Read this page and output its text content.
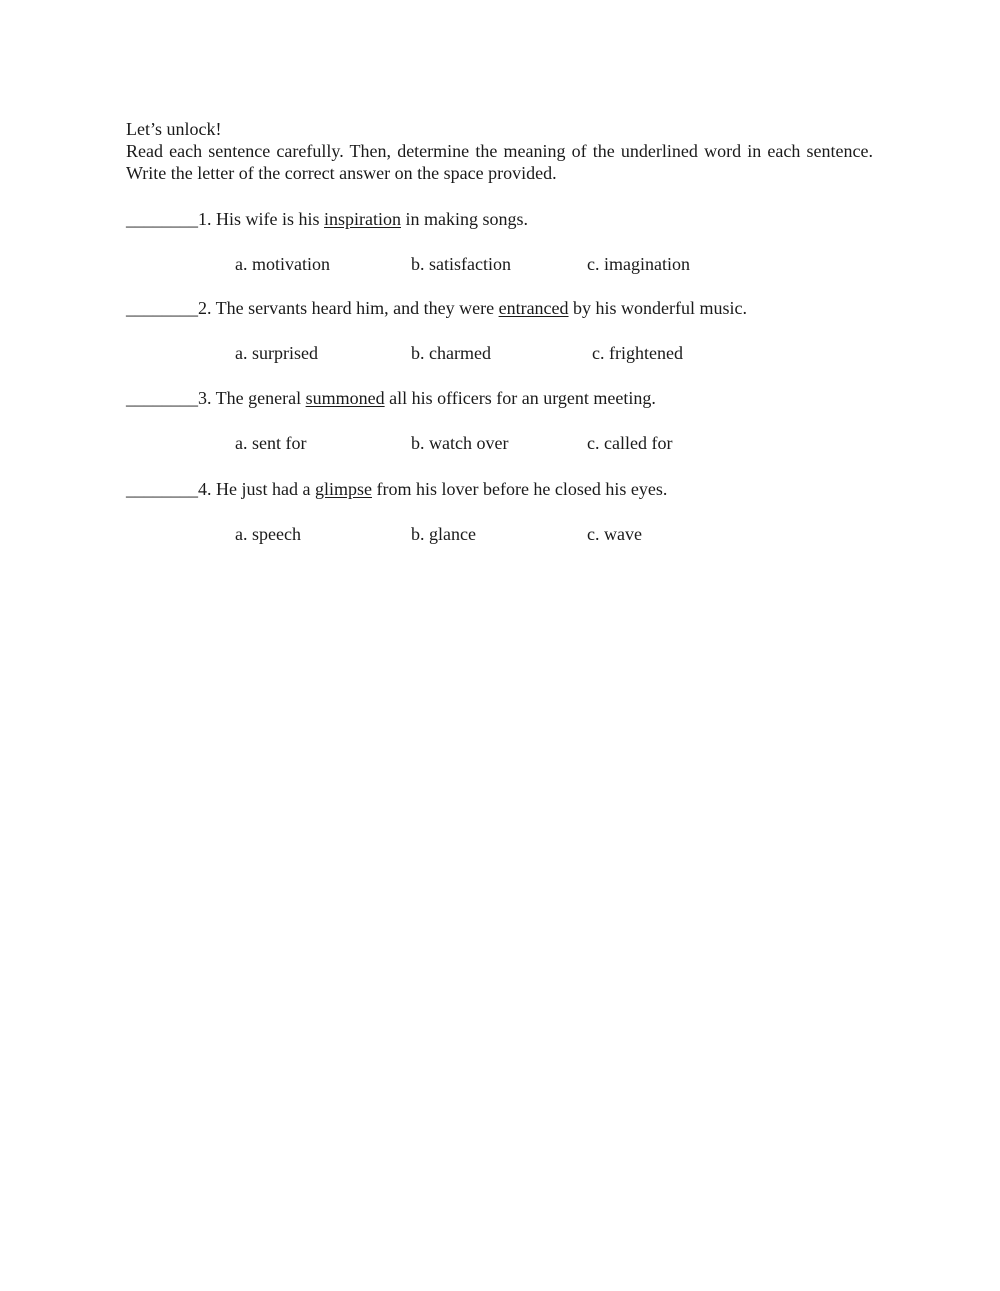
Let’s unlock!
Read each sentence carefully. Then, determine the meaning of the underlined word in each sentence. Write the letter of the correct answer on the space provided.
________1. His wife is his inspiration in making songs.
a. motivation	b. satisfaction	c. imagination
________2. The servants heard him, and they were entranced by his wonderful music.
a. surprised	b. charmed	c. frightened
________3. The general summoned all his officers for an urgent meeting.
a. sent for	b. watch over	c. called for
________4. He just had a glimpse from his lover before he closed his eyes.
a. speech	b. glance	c. wave
